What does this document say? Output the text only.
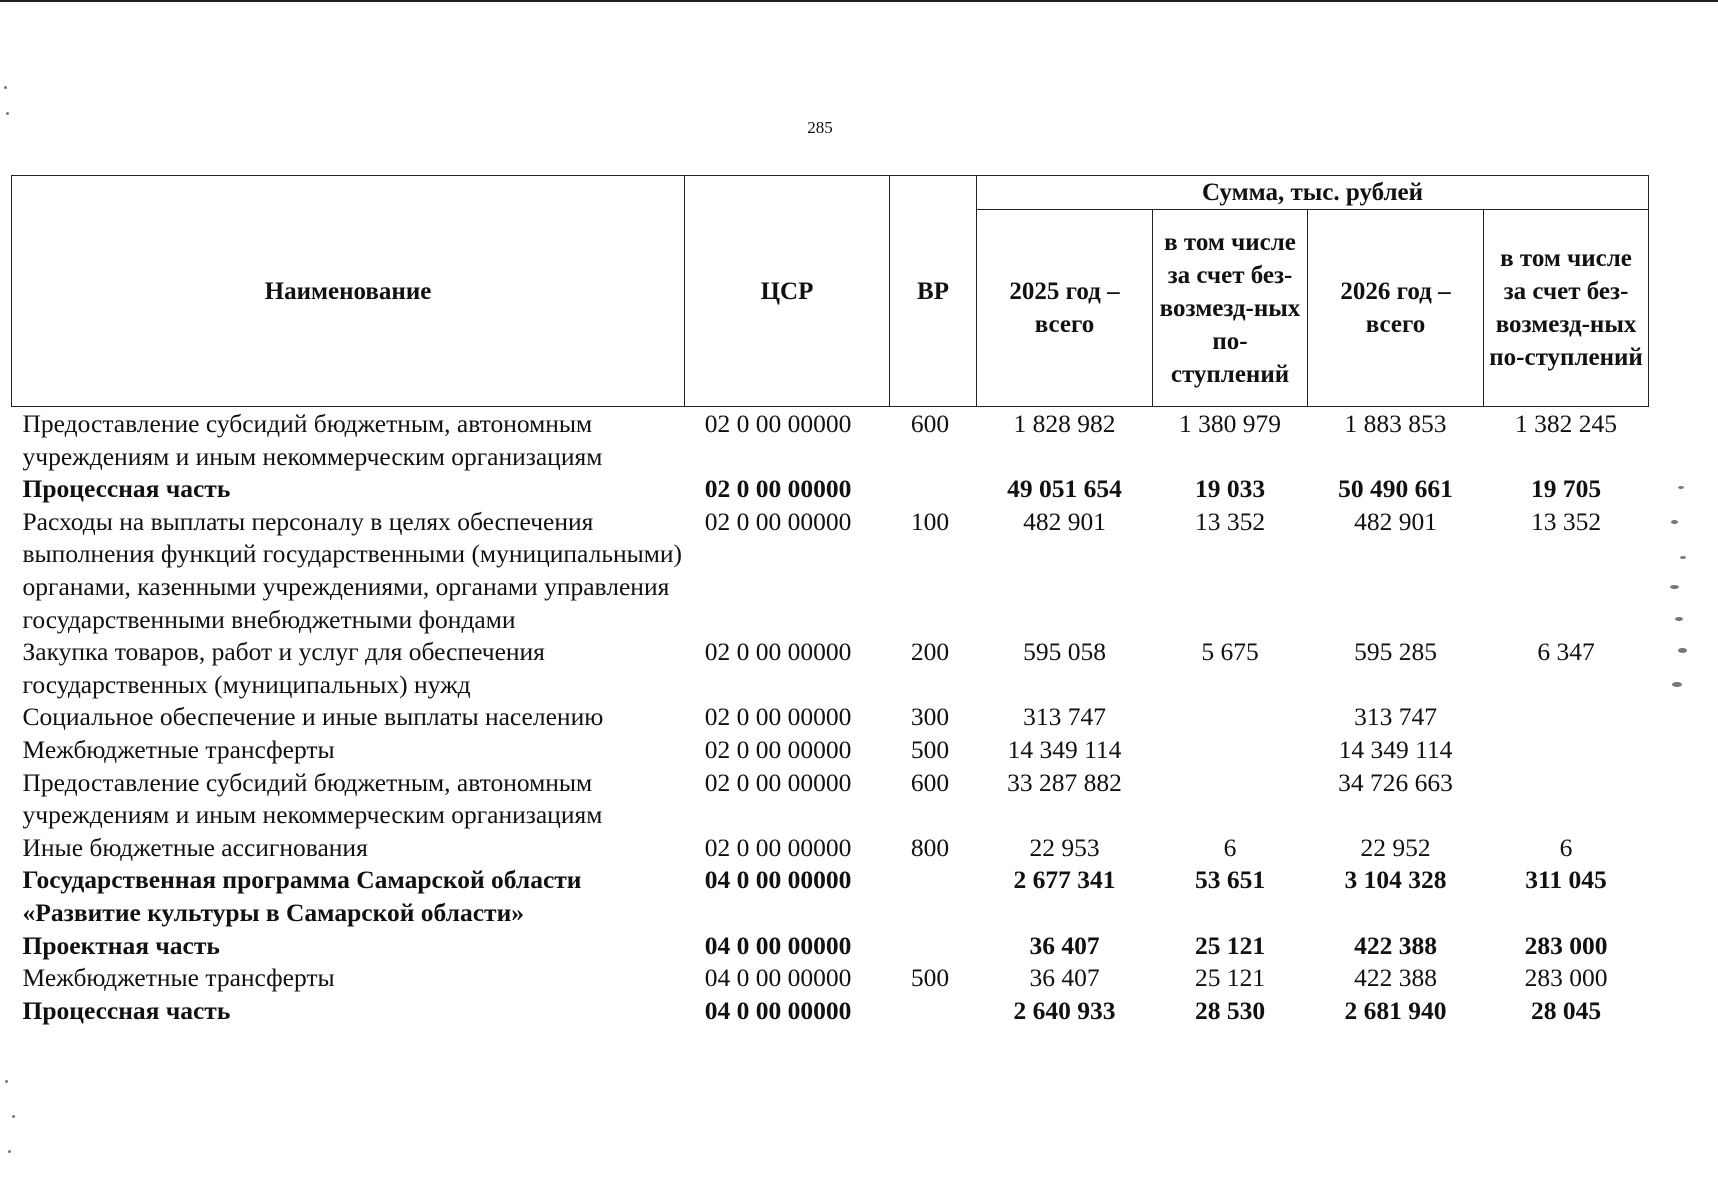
285
Наименование	ЦСР	ВР	Сумма, тыс. рублей			
			2025 год – всего	в том числе за счет без-возмезд-ных по-ступлений	2026 год – всего	в том числе за счет без-возмезд-ных по-ступлений
Предоставление субсидий бюджетным, автономным учреждениям и иным некоммерческим организациям	02 0 00 00000	600	1 828 982	1 380 979	1 883 853	1 382 245
Процессная часть	02 0 00 00000		49 051 654	19 033	50 490 661	19 705
Расходы на выплаты персоналу в целях обеспечения выполнения функций государственными (муниципальными) органами, казенными учреждениями, органами управления государственными внебюджетными фондами	02 0 00 00000	100	482 901	13 352	482 901	13 352
Закупка товаров, работ и услуг для обеспечения государственных (муниципальных) нужд	02 0 00 00000	200	595 058	5 675	595 285	6 347
Социальное обеспечение и иные выплаты населению	02 0 00 00000	300	313 747		313 747	
Межбюджетные трансферты	02 0 00 00000	500	14 349 114		14 349 114	
Предоставление субсидий бюджетным, автономным учреждениям и иным некоммерческим организациям	02 0 00 00000	600	33 287 882		34 726 663	
Иные бюджетные ассигнования	02 0 00 00000	800	22 953	6	22 952	6
Государственная программа Самарской области «Развитие культуры в Самарской области»	04 0 00 00000		2 677 341	53 651	3 104 328	311 045
Проектная часть	04 0 00 00000		36 407	25 121	422 388	283 000
Межбюджетные трансферты	04 0 00 00000	500	36 407	25 121	422 388	283 000
Процессная часть	04 0 00 00000		2 640 933	28 530	2 681 940	28 045
